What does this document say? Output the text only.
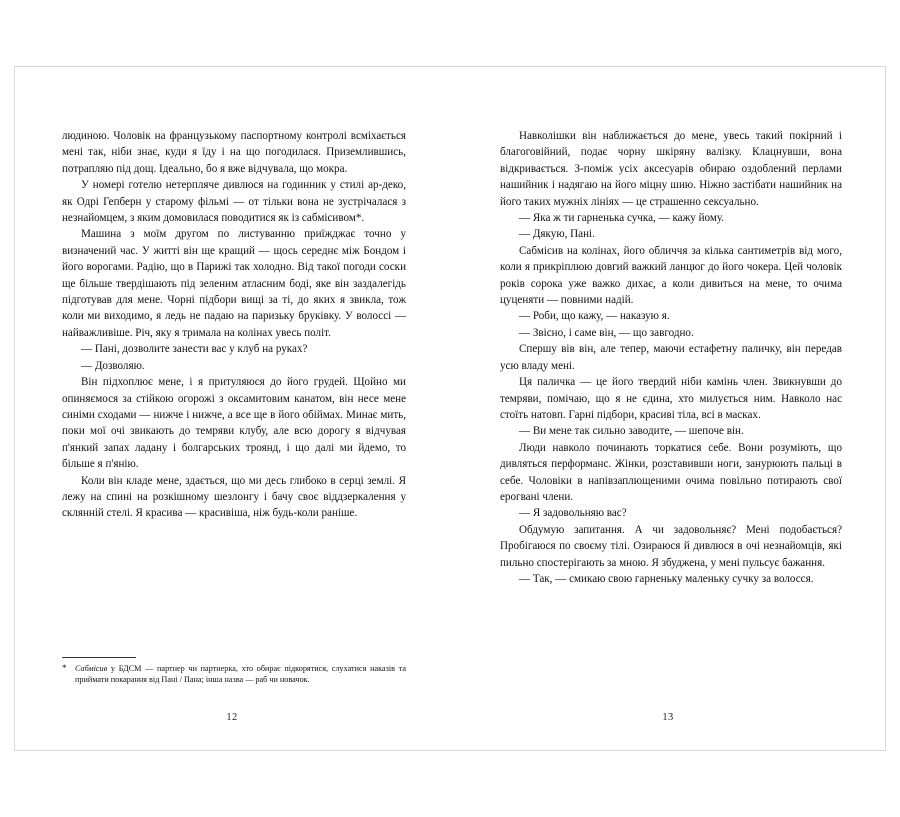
людиною. Чоловік на французькому паспортному контролі всміхається мені так, ніби знає, куди я їду і на що погодилася. Приземлившись, потрапляю під дощ. Ідеально, бо я вже відчувала, що мокра.

У номері готелю нетерпляче дивлюся на годинник у стилі ар-деко, як Одрі Гепберн у старому фільмі — от тільки вона не зустрічалася з незнайомцем, з яким домовилася поводитися як із сабмісивом*.

Машина з моїм другом по листуванню приїжджає точно у визначений час. У житті він ще кращий — щось середнє між Бондом і його ворогами. Радію, що в Парижі так холодно. Від такої погоди соски ще більше твердішають під зеленим атласним боді, яке він заздалегідь підготував для мене. Чорні підбори вищі за ті, до яких я звикла, тож коли ми виходимо, я ледь не падаю на паризьку бруківку. У волоссі — найважливіше. Річ, яку я тримала на колінах увесь політ.

— Пані, дозволите занести вас у клуб на руках?

— Дозволяю.

Він підхоплює мене, і я притуляюся до його грудей. Щойно ми опиняємося за стійкою огорожі з оксамитовим канатом, він несе мене синіми сходами — нижче і нижче, а все ще в його обіймах. Минає мить, поки мої очі звикають до темряви клубу, але всю дорогу я відчувая п'янкий запах ладану і болгарських троянд, і що далі ми йдемо, то більше я п'янію.

Коли він кладе мене, здається, що ми десь глибоко в серці землі. Я лежу на спині на розкішному шезлонгу і бачу своє віддзеркалення у склянній стелі. Я красива — красивіша, ніж будь-коли раніше.

* Сабмісив у БДСМ — партнер чи партнерка, хто обирає підкорятися, слухатися наказів та приймати покарання від Пані / Пана; інша назва — раб чи новачок.
12

Навколішки він наближається до мене, увесь такий покірний і благоговійний, подає чорну шкіряну валізку. Клацнувши, вона відкривається. З-поміж усіх аксесуарів обираю оздоблений перлами нашийник і надягаю на його міцну шию. Ніжно застібати нашийник на його таких мужніх лініях — це страшенно сексуально.

— Яка ж ти гарненька сучка, — кажу йому.

— Дякую, Пані.

Сабмісив на колінах, його обличчя за кілька сантиметрів від мого, коли я прикріплюю довгий важкий ланцюг до його чокера. Цей чоловік років сорока уже важко дихає, а коли дивиться на мене, то очима цуценяти — повними надій.

— Роби, що кажу, — наказую я.

— Звісно, і саме він, — що завгодно.

Спершу вів він, але тепер, маючи естафетну паличку, він передав усю владу мені.

Ця паличка — це його твердий ніби камінь член. Звикнувши до темряви, помічаю, що я не єдина, хто милується ним. Навколо нас стоїть натовп. Гарні підбори, красиві тіла, всі в масках.

— Ви мене так сильно заводите, — шепоче він.

Люди навколо починають торкатися себе. Вони розуміють, що дивляться перформанс. Жінки, розставивши ноги, занурюють пальці в себе. Чоловіки в напівзаплющеними очима повільно потирають свої ерогвані члени.

— Я задовольняю вас?

Обдумую запитання. А чи задовольняє? Мені подобається? Пробігаюся по своєму тілі. Озираюся й дивлюся в очі незнайомців, які пильно спостерігають за мною. Я збуджена, у мені пульсує бажання.

— Так, — смикаю свою гарненьку маленьку сучку за волосся.

13
